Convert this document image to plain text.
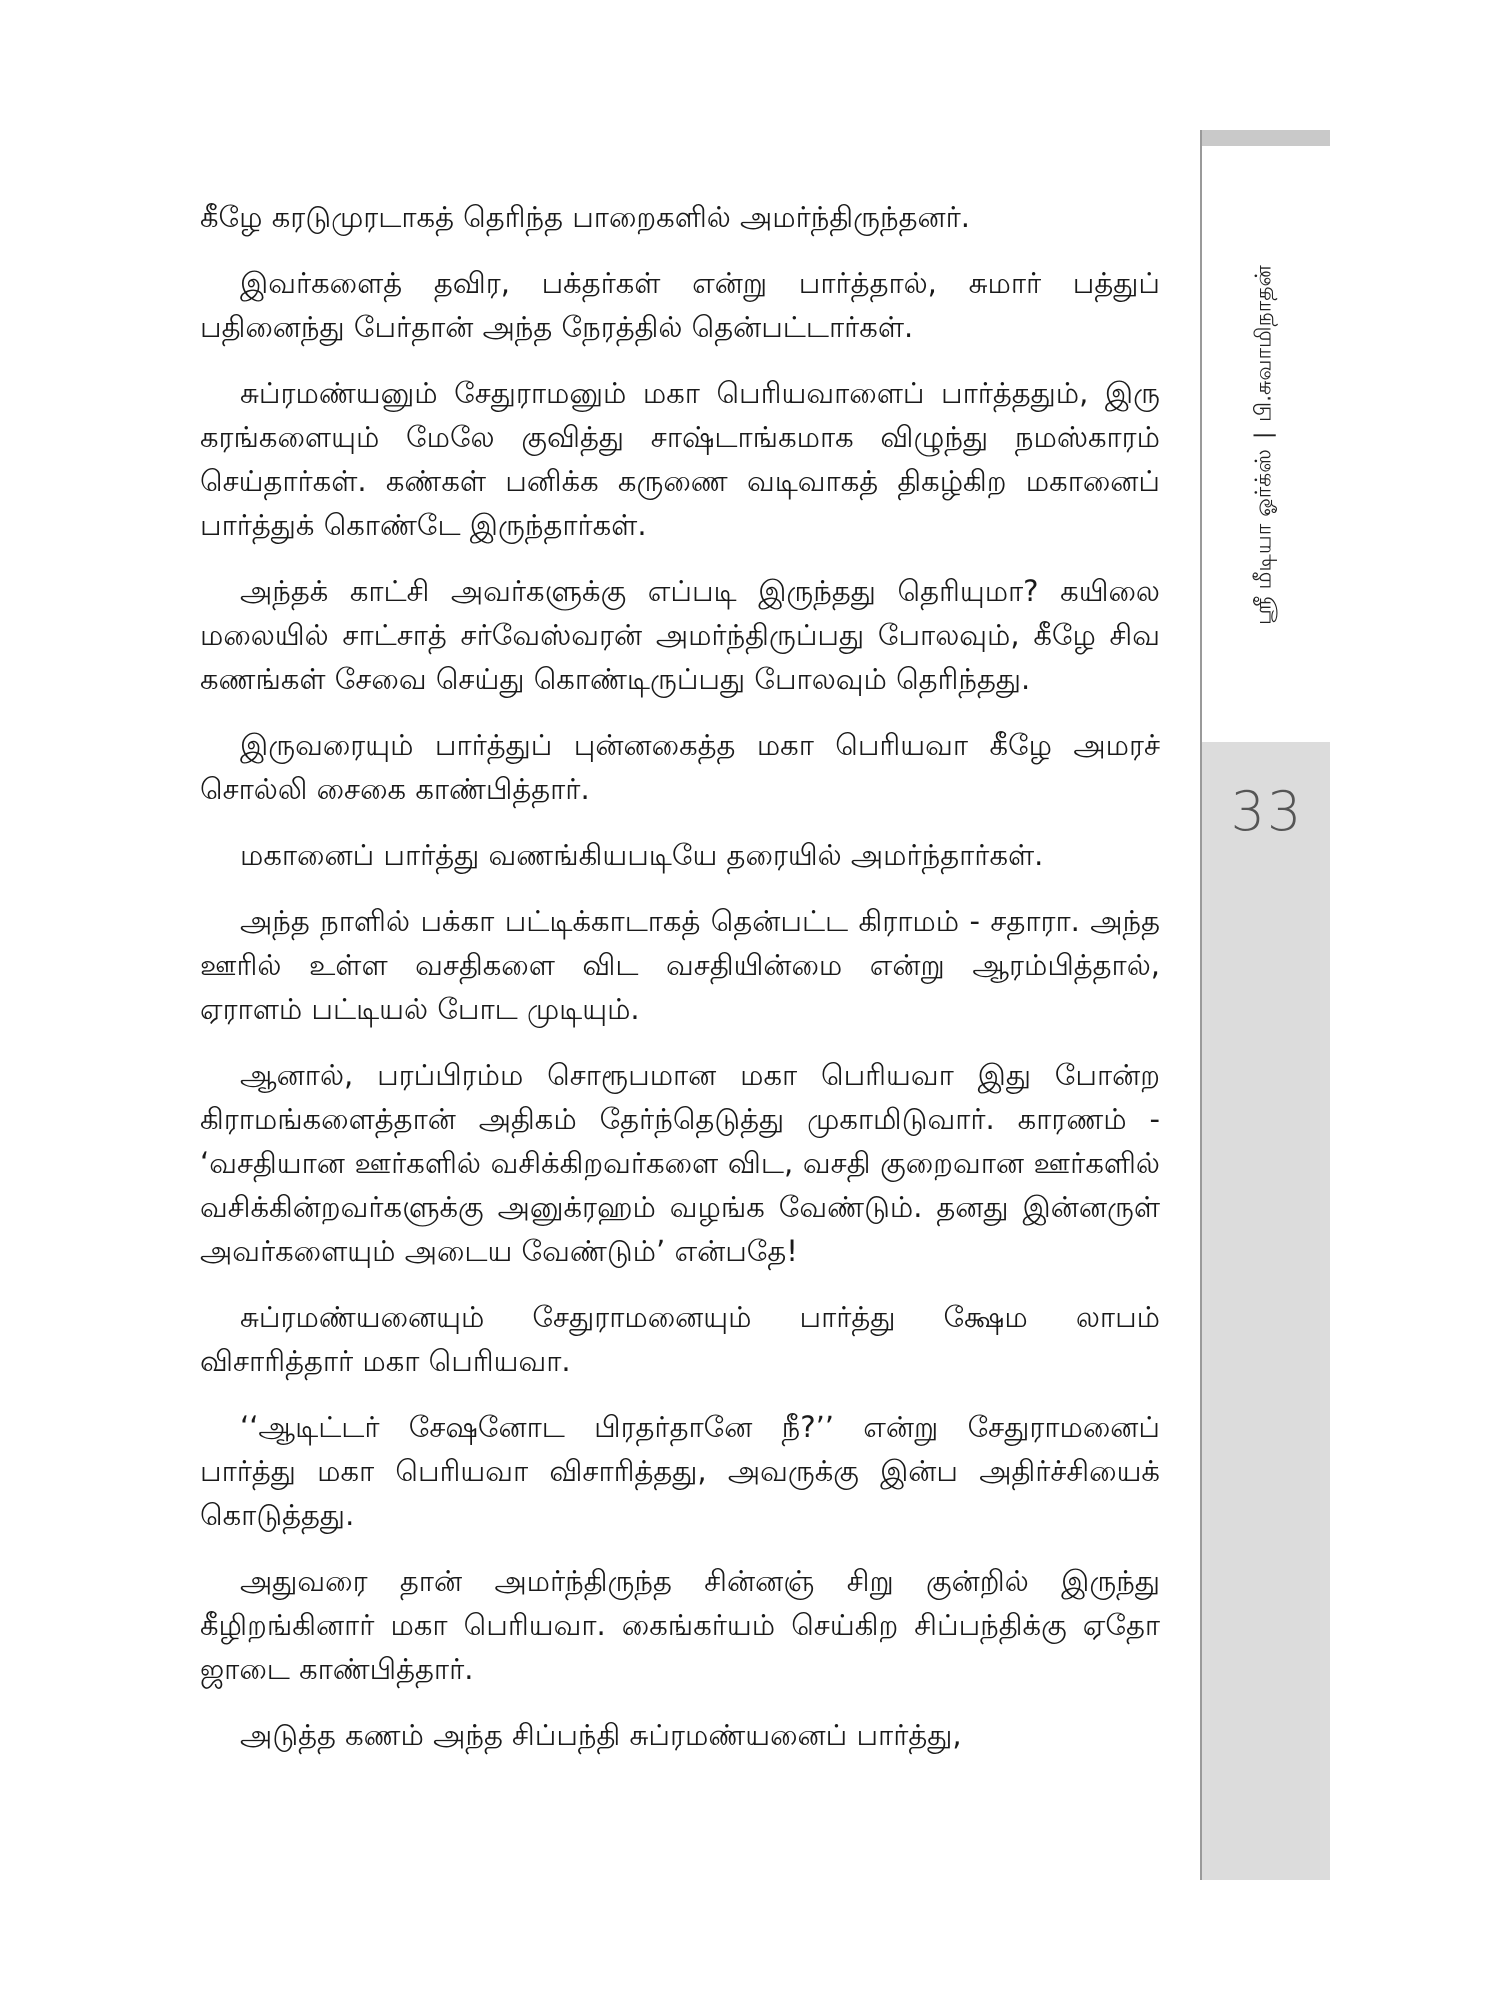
ஸ்ரீ மீடியா ஓர்க்ஸ்
|
பி.சுவாமிநாதன்
33

கீழே கரடுமுரடாகத் தெரிந்த பாறைகளில் அமர்ந்திருந்தனர்.

இவர்களைத் தவிர, பக்தர்கள் என்று பார்த்தால், சுமார் பத்துப் பதினைந்து பேர்தான் அந்த நேரத்தில் தென்பட்டார்கள்.

சுப்ரமண்யனும் சேதுராமனும் மகா பெரியவாளைப் பார்த்ததும், இரு கரங்களையும் மேலே குவித்து சாஷ்டாங்கமாக விழுந்து நமஸ்காரம் செய்தார்கள். கண்கள் பனிக்க கருணை வடிவாகத் திகழ்கிற மகானைப் பார்த்துக் கொண்டே இருந்தார்கள்.

அந்தக் காட்சி அவர்களுக்கு எப்படி இருந்தது தெரியுமா? கயிலை மலையில் சாட்சாத் சர்வேஸ்வரன் அமர்ந்திருப்பது போலவும், கீழே சிவ கணங்கள் சேவை செய்து கொண்டிருப்பது போலவும் தெரிந்தது.

இருவரையும் பார்த்துப் புன்னகைத்த மகா பெரியவா கீழே அமரச் சொல்லி சைகை காண்பித்தார்.

மகானைப் பார்த்து வணங்கியபடியே தரையில் அமர்ந்தார்கள்.

அந்த நாளில் பக்கா பட்டிக்காடாகத் தென்பட்ட கிராமம் - சதாரா. அந்த ஊரில் உள்ள வசதிகளை விட வசதியின்மை என்று ஆரம்பித்தால், ஏராளம் பட்டியல் போட முடியும்.

ஆனால், பரப்பிரம்ம சொரூபமான மகா பெரியவா இது போன்ற கிராமங்களைத்தான் அதிகம் தேர்ந்தெடுத்து முகாமிடுவார். காரணம் - ‘வசதியான ஊர்களில் வசிக்கிறவர்களை விட, வசதி குறைவான ஊர்களில் வசிக்கின்றவர்களுக்கு அனுக்ரஹம் வழங்க வேண்டும். தனது இன்னருள் அவர்களையும் அடைய வேண்டும்’ என்பதே!

சுப்ரமண்யனையும் சேதுராமனையும் பார்த்து க்ஷேம லாபம் விசாரித்தார் மகா பெரியவா.

‘‘ஆடிட்டர் சேஷனோட பிரதர்தானே நீ?’’ என்று சேதுராமனைப் பார்த்து மகா பெரியவா விசாரித்தது, அவருக்கு இன்ப அதிர்ச்சியைக் கொடுத்தது.

அதுவரை தான் அமர்ந்திருந்த சின்னஞ் சிறு குன்றில் இருந்து கீழிறங்கினார் மகா பெரியவா. கைங்கர்யம் செய்கிற சிப்பந்திக்கு ஏதோ ஜாடை காண்பித்தார்.

அடுத்த கணம் அந்த சிப்பந்தி சுப்ரமண்யனைப் பார்த்து,
